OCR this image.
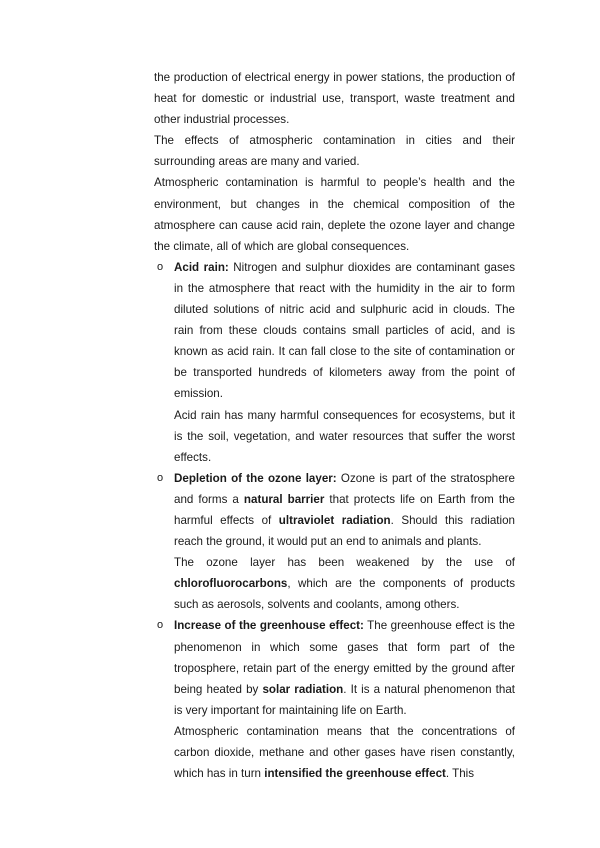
the production of electrical energy in power stations, the production of heat for domestic or industrial use, transport, waste treatment and other industrial processes.

The effects of atmospheric contamination in cities and their surrounding areas are many and varied.

Atmospheric contamination is harmful to people’s health and the environment, but changes in the chemical composition of the atmosphere can cause acid rain, deplete the ozone layer and change the climate, all of which are global consequences.

o Acid rain: Nitrogen and sulphur dioxides are contaminant gases in the atmosphere that react with the humidity in the air to form diluted solutions of nitric acid and sulphuric acid in clouds. The rain from these clouds contains small particles of acid, and is known as acid rain. It can fall close to the site of contamination or be transported hundreds of kilometers away from the point of emission.

Acid rain has many harmful consequences for ecosystems, but it is the soil, vegetation, and water resources that suffer the worst effects.

o Depletion of the ozone layer: Ozone is part of the stratosphere and forms a natural barrier that protects life on Earth from the harmful effects of ultraviolet radiation. Should this radiation reach the ground, it would put an end to animals and plants.

The ozone layer has been weakened by the use of chlorofluorocarbons, which are the components of products such as aerosols, solvents and coolants, among others.

o Increase of the greenhouse effect: The greenhouse effect is the phenomenon in which some gases that form part of the troposphere, retain part of the energy emitted by the ground after being heated by solar radiation. It is a natural phenomenon that is very important for maintaining life on Earth.

Atmospheric contamination means that the concentrations of carbon dioxide, methane and other gases have risen constantly, which has in turn intensified the greenhouse effect. This
